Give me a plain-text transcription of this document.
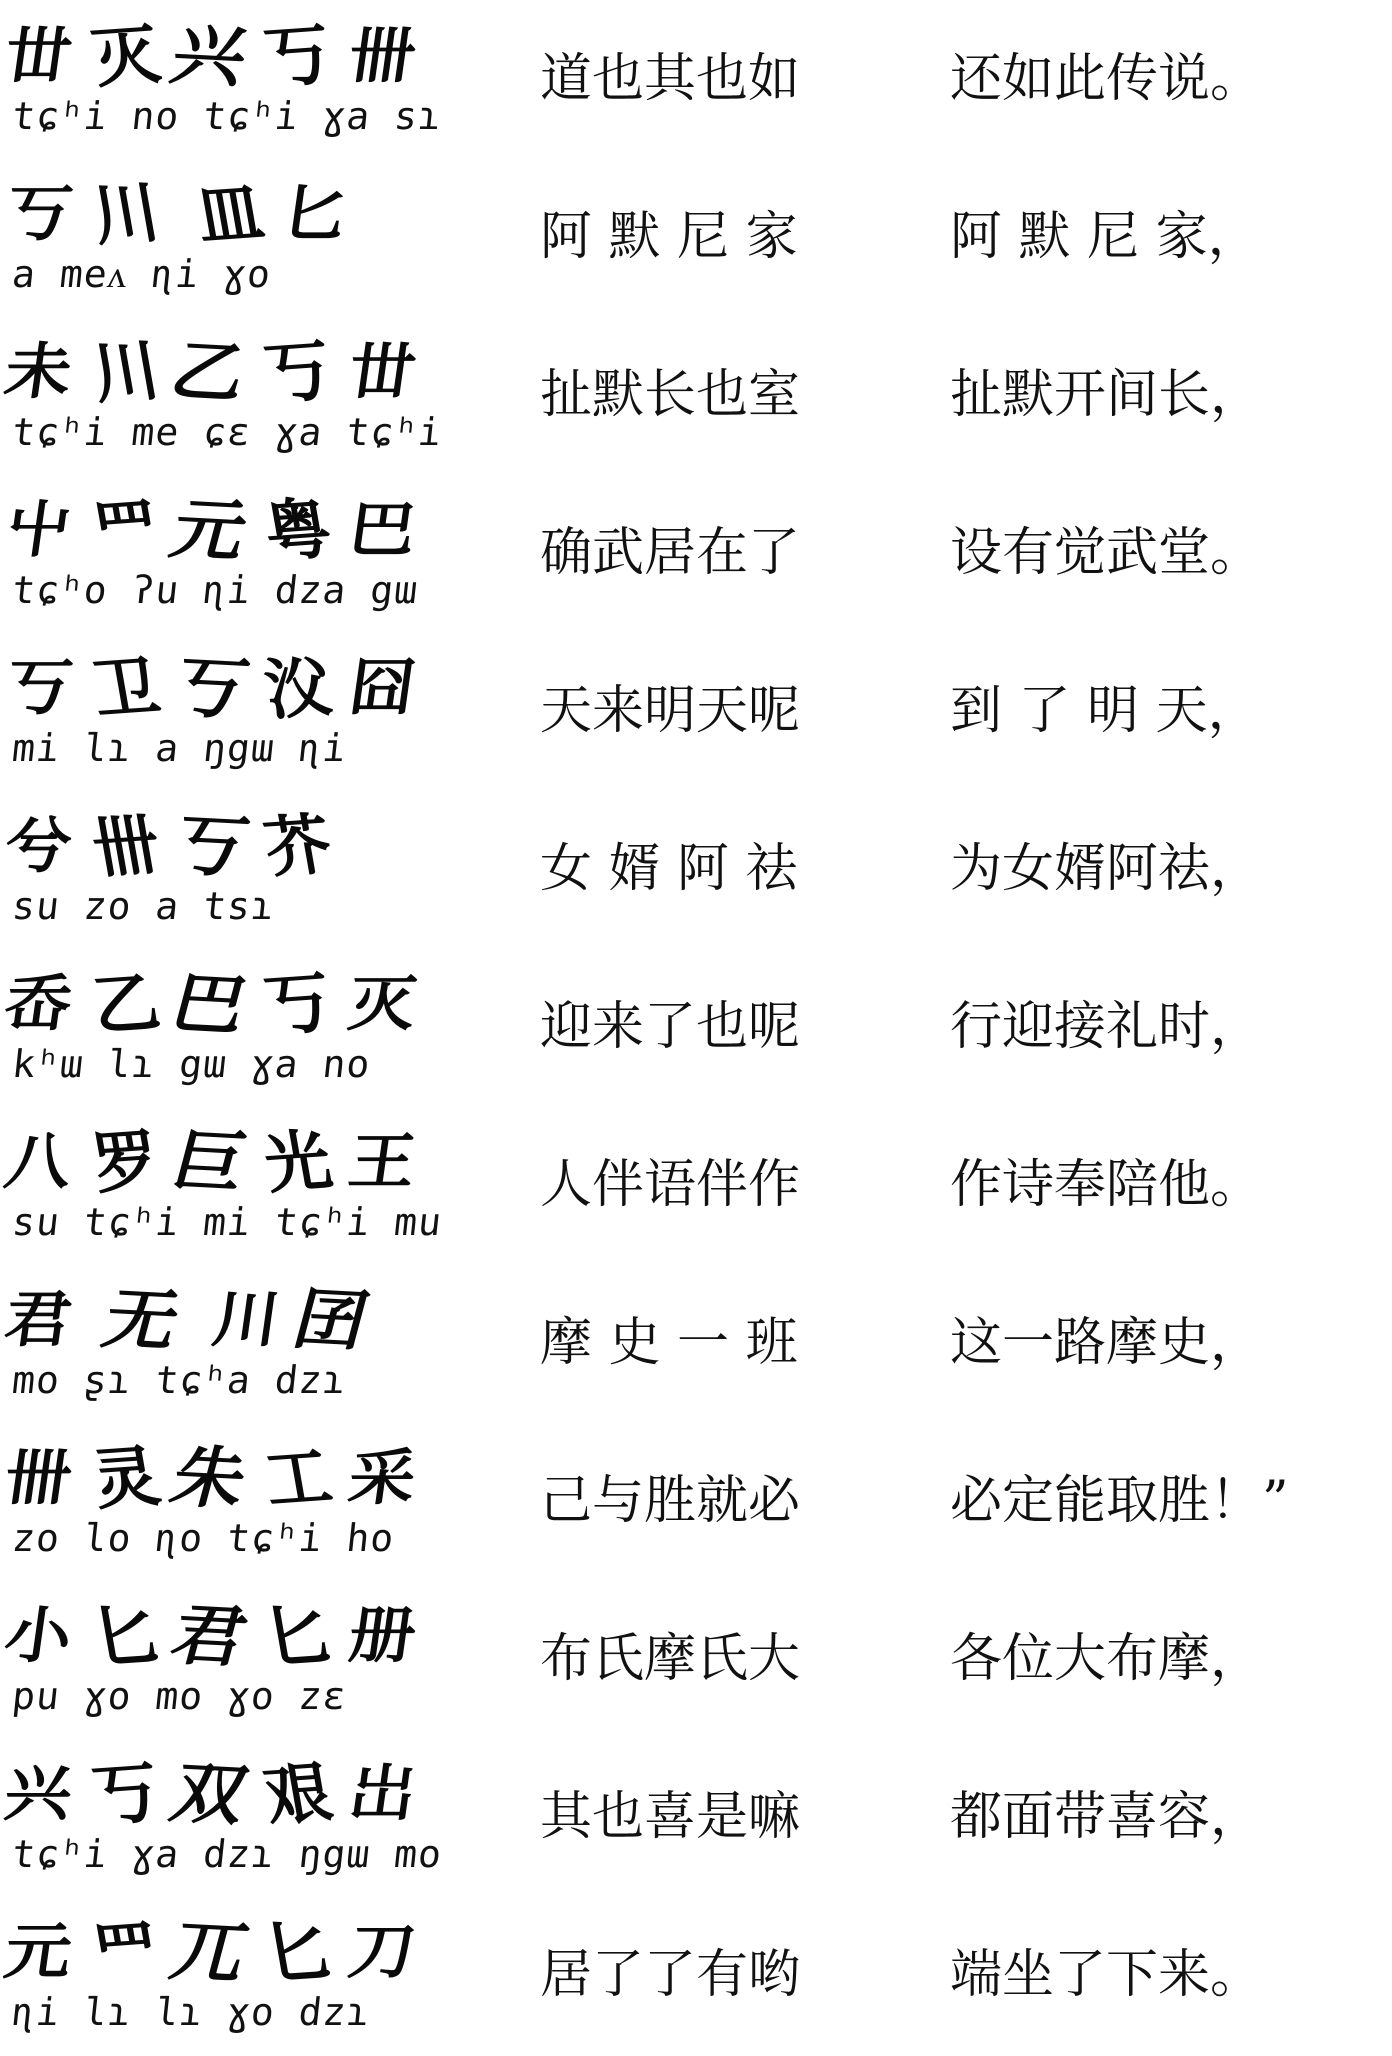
丗 灭
兴 丂 卌
tɕʰi no tɕʰi ɣa sɿ
道也其也如	还如此传说。
丂 川 ⽫ 匕
a meᴧ ɳi ɣo
阿 默 尼 家	阿 默 尼 家，
未 川
乙 丂 丗
tɕʰi me ɕɛ ɣa tɕʰi
扯默长也室	扯默开间长，
屮 罒
元 粤 巴
tɕʰo ʔu ɳi dza gɯ
确武居在了	设有觉武堂。
丂 卫
丂 㳇 囧
mi lɿ a ŋgɯ ɳi
天来明天呢	到 了 明 天，
兮 卌
丂 芥
su zo a tsɿ
女 婿 阿 祛	为女婿阿祛，
岙 乙
巴 丂 灭
kʰɯ lɿ gɯ ɣa no
迎来了也呢	行迎接礼时，
八 罗
巨 光 王
su tɕʰi mi tɕʰi mu
人伴语伴作	作诗奉陪他。
君 无 川
囝
mo ʂɿ tɕʰa dzɿ
摩 史 一 班	这一路摩史，
卌 灵
朱 工 采
zo lo ɳo tɕʰi ho
己与胜就必	必定能取胜！”
小 匕
君 匕 册
pu ɣo mo ɣo zɛ
布氏摩氏大	各位大布摩，
兴 丂
双 艰 岀
tɕʰi ɣa dzɿ ŋgɯ mo
其也喜是嘛	都面带喜容，
元 罒
兀 匕 刀
ɳi lɿ lɿ ɣo dzɿ
居了了有哟	端坐了下来。
